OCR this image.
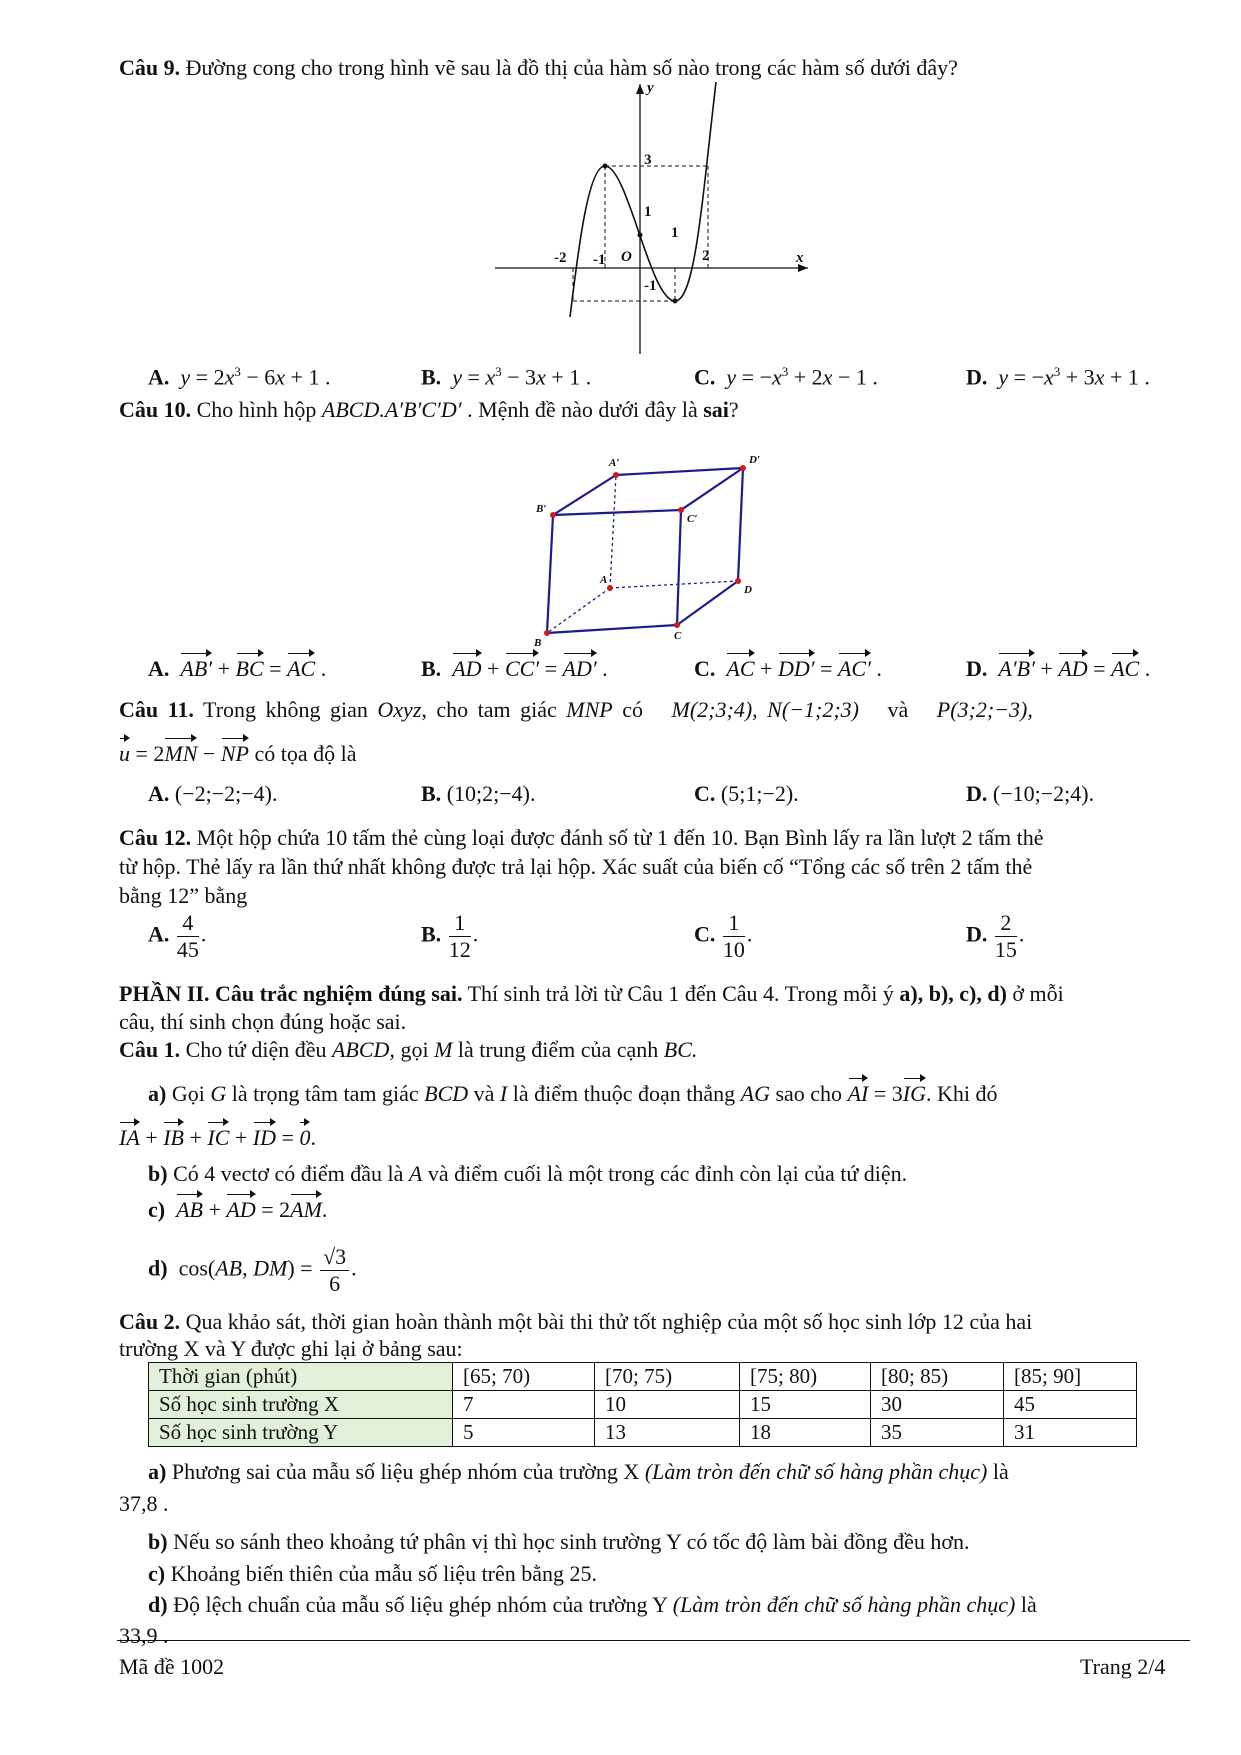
Câu 9. Đường cong cho trong hình vẽ sau là đồ thị của hàm số nào trong các hàm số dưới đây?
y
x
3
1
1
-2 -1 O	2
-1
A. $y = 2x^3 - 6x + 1$ .	B. $y = x^3 - 3x + 1$ .	C. $y = -x^3 + 2x - 1$ .	D. $y = -x^3 + 3x + 1$ .
Câu 10. Cho hình hộp ABCD.A′B′C′D′ . Mệnh đề nào dưới đây là sai?
A′	D′
B′
C′
A
D
B
C
A. AB′ + BC = AC .	B. AD + CC′ = AD′ .	C. AC + DD′ = AC′ .	D. A′B′ + AD = AC .
Câu 11. Trong không gian Oxyz, cho tam giác MNP có   M(2;3;4), N(−1;2;3) và P(3;2;−3),
u = 2MN − NP có tọa độ là
A. (−2;−2;−4).	B. (10;2;−4).	C. (5;1;−2).	D. (−10;−2;4).
Câu 12. Một hộp chứa 10 tấm thẻ cùng loại được đánh số từ 1 đến 10. Bạn Bình lấy ra lần lượt 2 tấm thẻ
từ hộp. Thẻ lấy ra lần thứ nhất không được trả lại hộp. Xác suất của biến cố “Tổng các số trên 2 tấm thẻ
bằng 12” bằng
A. $\frac{4}{45}$ .	B. $\frac{1}{12}$ .	C. $\frac{1}{10}$ .	D. $\frac{2}{15}$ .
PHẦN II. Câu trắc nghiệm đúng sai. Thí sinh trả lời từ Câu 1 đến Câu 4. Trong mỗi ý a), b), c), d) ở mỗi
câu, thí sinh chọn đúng hoặc sai.
Câu 1. Cho tứ diện đều ABCD, gọi M là trung điểm của cạnh BC.
a) Gọi G là trọng tâm tam giác BCD và I là điểm thuộc đoạn thẳng AG sao cho AI = 3IG. Khi đó
IA + IB + IC + ID = 0.
b) Có 4 vectơ có điểm đầu là A và điểm cuối là một trong các đỉnh còn lại của tứ diện.
c) AB + AD = 2AM.
d)  cos(AB, $DM) = \frac{√3}{6}$ .
Câu 2. Qua khảo sát, thời gian hoàn thành một bài thi thử tốt nghiệp của một số học sinh lớp 12 của hai
trường X và Y được ghi lại ở bảng sau:
Thời gian (phút)	[65; 70)	[70; 75)	[75; 80)	[80; 85)	[85; 90]
Số học sinh trường X	7	10	15	30	45
Số học sinh trường Y	5	13	18	35	31
a) Phương sai của mẫu số liệu ghép nhóm của trường X (Làm tròn đến chữ số hàng phần chục) là
37,8 .
b) Nếu so sánh theo khoảng tứ phân vị thì học sinh trường Y có tốc độ làm bài đồng đều hơn.
c) Khoảng biến thiên của mẫu số liệu trên bằng 25.
d) Độ lệch chuẩn của mẫu số liệu ghép nhóm của trường Y (Làm tròn đến chữ số hàng phần chục) là
33,9 .
Mã đề 1002	Trang 2/4
